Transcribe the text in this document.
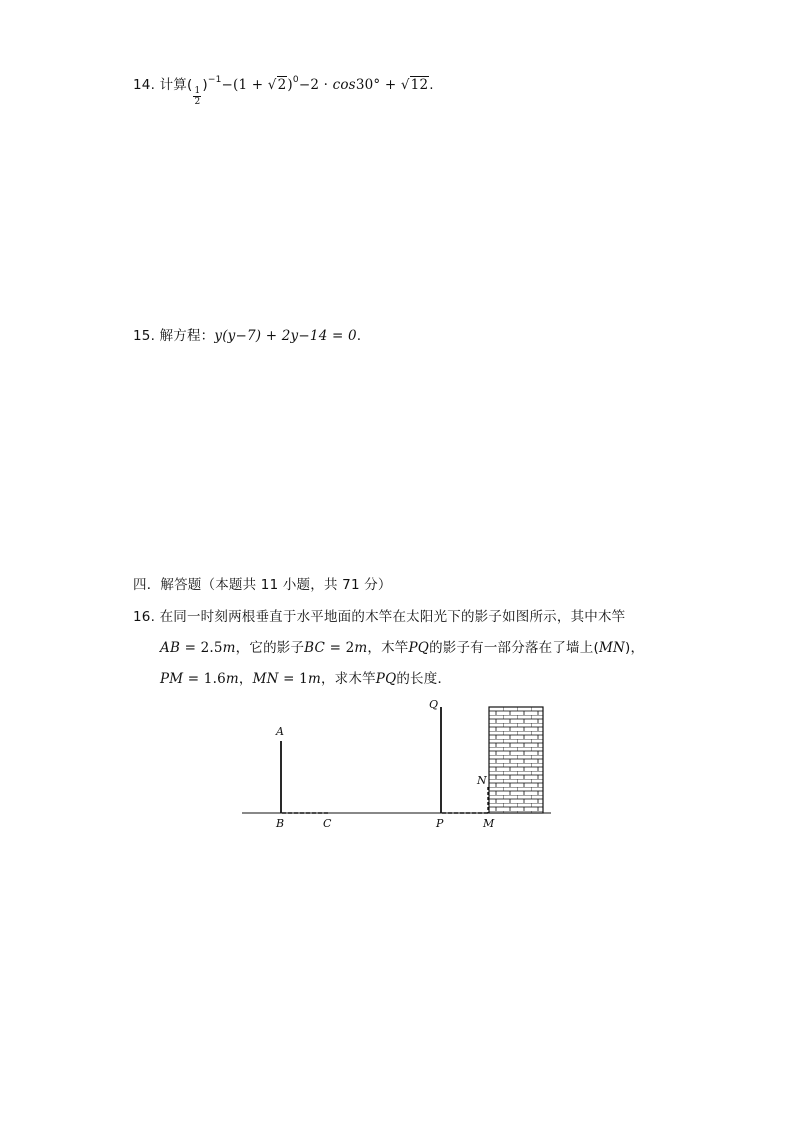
14. 计算(
$\frac{1}{2}$
)$^{-1}-(1 + √2)^0-2 \cdot \cos 30^\circ + √12$.
15. 解方程：y(y−7) + 2y−14 = 0.
四．解答题（本题共 11 小题，共 71 分）
16. 在同一时刻两根垂直于水平地面的木竿在太阳光下的影子如图所示，其中木竿
AB = 2.5m，它的影子BC = 2m，木竿PQ的影子有一部分落在了墙上(MN)，
PM = 1.6m，MN = 1m，求木竿PQ的长度．
A
B	C
Q
P	M
N
